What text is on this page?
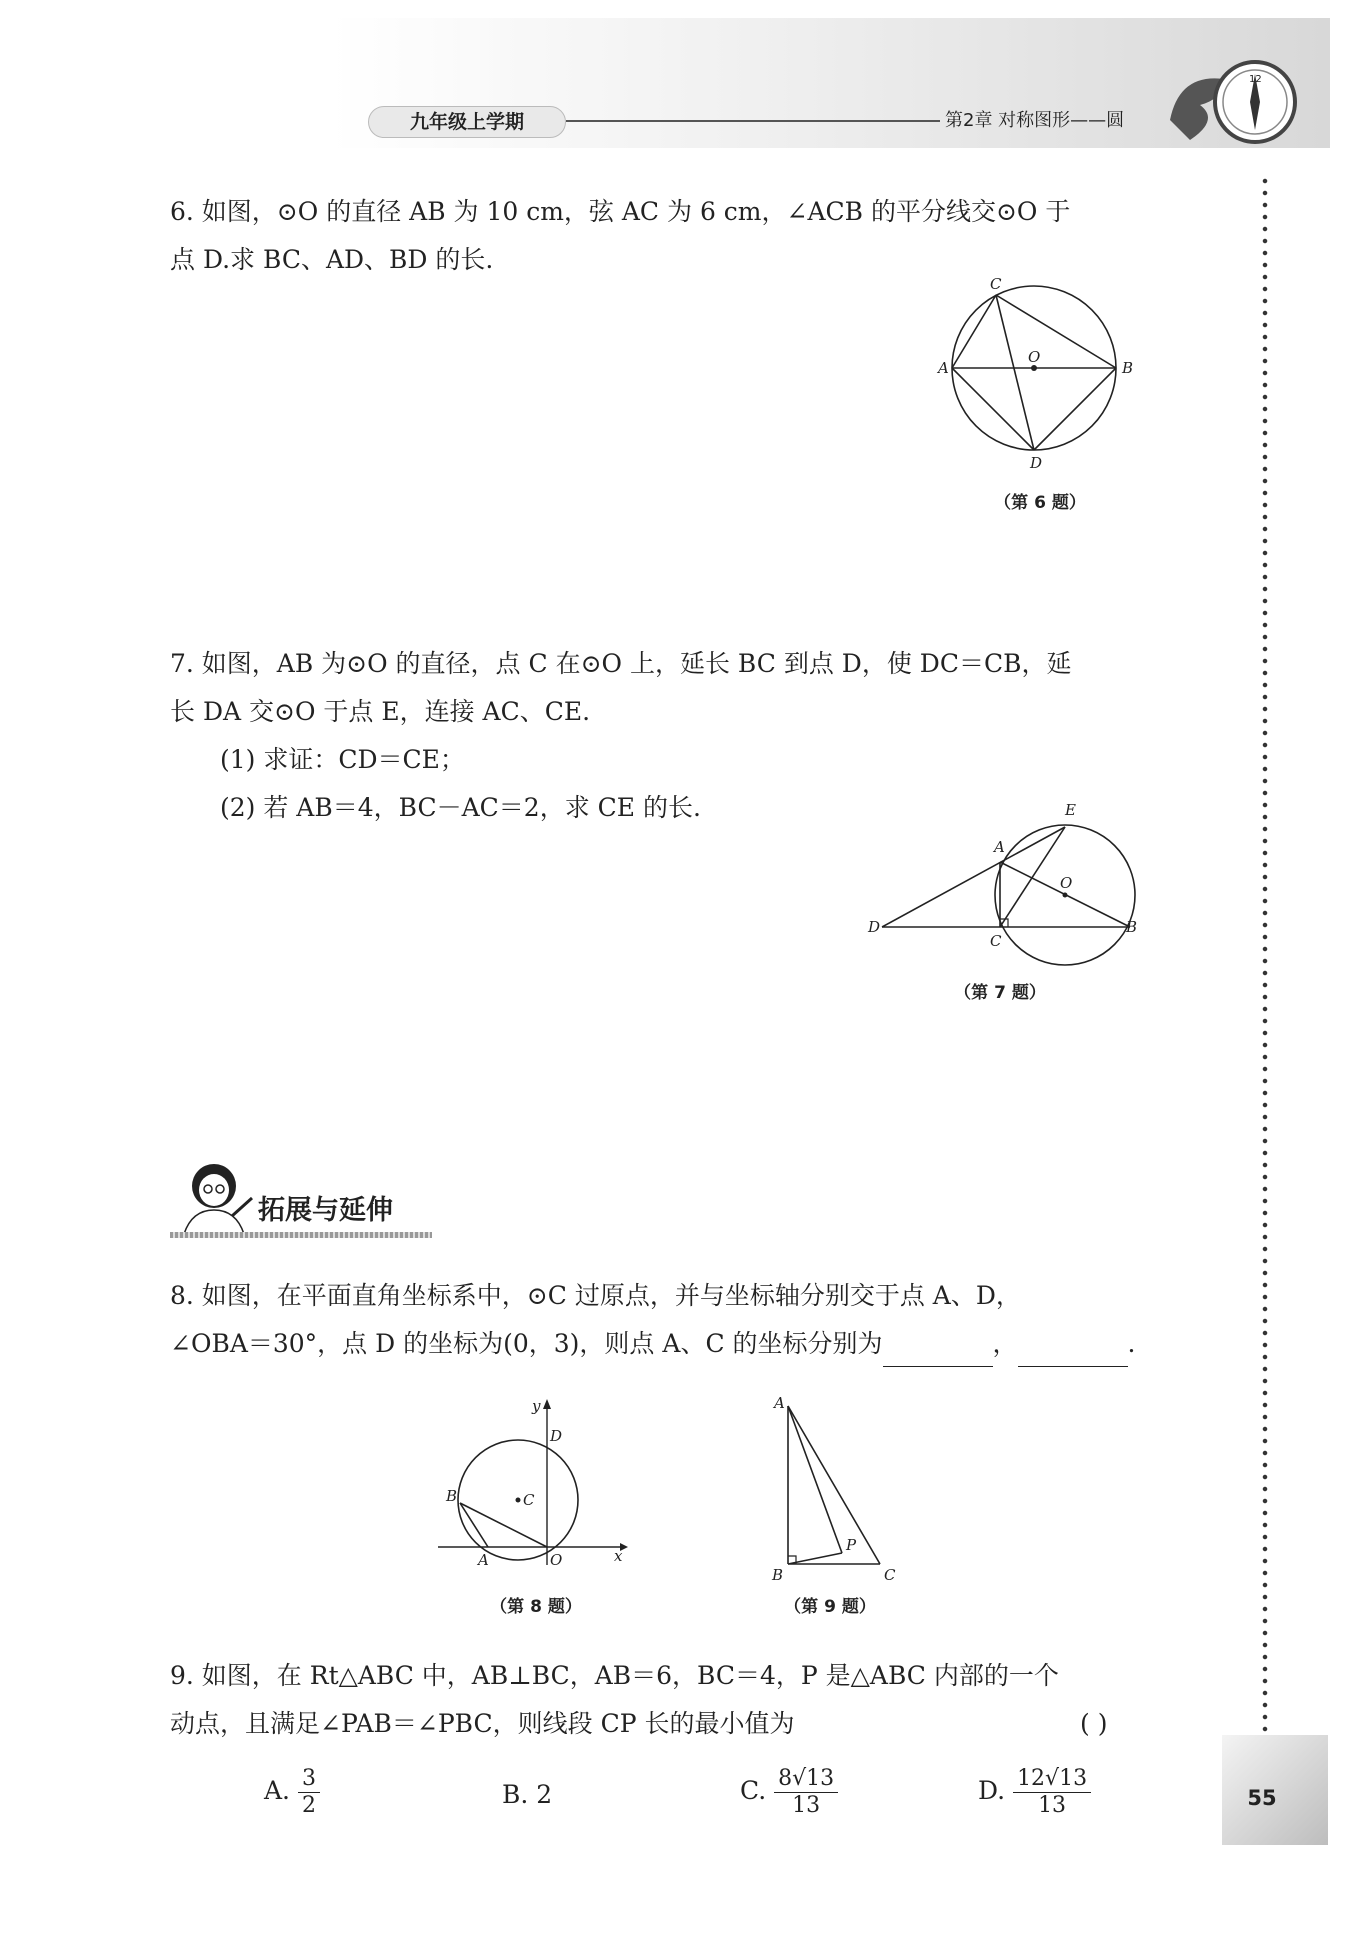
九年级上学期	第2章 对称图形——圆
12
55
6. 如图，⊙O 的直径 AB 为 10 cm，弦 AC 为 6 cm，∠ACB 的平分线交⊙O 于
点 D.求 BC、AD、BD 的长.
C
A	B
O
D
（第 6 题）
7. 如图，AB 为⊙O 的直径，点 C 在⊙O 上，延长 BC 到点 D，使 DC＝CB，延
长 DA 交⊙O 于点 E，连接 AC、CE.
(1) 求证：CD＝CE；
(2) 若 AB＝4，BC－AC＝2，求 CE 的长.	E
A
O
D
C
B
（第 7 题）
拓展与延伸
8. 如图，在平面直角坐标系中，⊙C 过原点，并与坐标轴分别交于点 A、D，
∠OBA＝30°，点 D 的坐标为(0，3)，则点 A、C 的坐标分别为	，	.
y
D
B	C
A	O	x
（第 8 题）
A
P
B	C
（第 9 题）
9. 如图，在 Rt△ABC 中，AB⊥BC，AB＝6，BC＝4，P 是△ABC 内部的一个
动点，且满足∠PAB＝∠PBC，则线段 CP 长的最小值为	( )
A. $\frac{3}{2}$	B. 2	C. $\frac{8√13}{13}$	D. $\frac{12√13}{13}$
